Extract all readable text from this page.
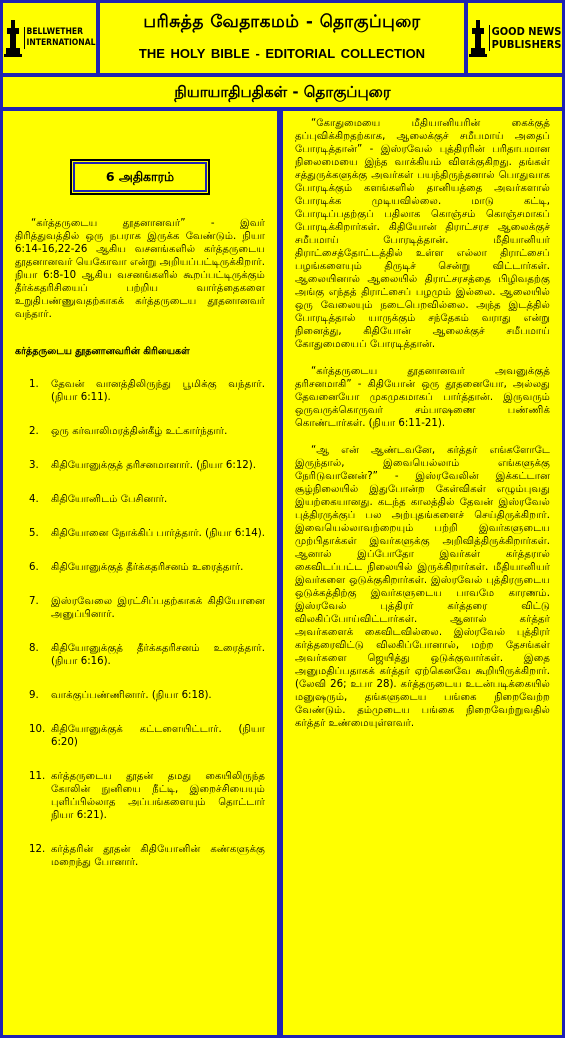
BELLWETHER
INTERNATIONAL
பரிசுத்த வேதாகமம் - தொகுப்புரை
THE HOLY BIBLE - EDITORIAL COLLECTION
GOOD NEWS
PUBLISHERS
நியாயாதிபதிகள் - தொகுப்புரை
6 அதிகாரம்

“கர்த்தருடைய தூதனானவர்” - இவர் திரித்துவத்தில் ஒரு நபராக இருக்க வேண்டும். நியா 6:14-16,22-26 ஆகிய வசனங்களில் கர்த்தருடைய தூதனானவர் யெகோவா என்று அறியப்பட்டிருக்கிறார். நியா 6:8-10 ஆகிய வசனங்களில் கூறப்பட்டிருக்கும் தீர்க்கதரிசியைப் பற்றிய வார்த்தைகளை உறுதிபண்ணுவதற்காகக் கர்த்தருடைய தூதனானவர் வந்தார்.

கர்த்தருடைய தூதனானவரின் கிரியைகள்
1.	தேவன் வானத்திலிருந்து பூமிக்கு வந்தார். (நியா 6:11).
2.	ஒரு கர்வாலிமரத்தின்கீழ் உட்கார்ந்தார்.
3.	கிதியோனுக்குத் தரிசனமானார். (நியா 6:12).
4.	கிதியோனிடம் பேசினார்.
5.	கிதியோனை நோக்கிப் பார்த்தார். (நியா 6:14).
6.	கிதியோனுக்குத் தீர்க்கதரிசனம் உரைத்தார்.
7.	இஸ்ரவேலை இரட்சிப்பதற்காகக் கிதியோனை அனுப்பினார்.
8.	கிதியோனுக்குத் தீர்க்கதரிசனம் உரைத்தார். (நியா 6:16).
9.	வாக்குப்பண்ணினார். (நியா 6:18).
10. கிதியோனுக்குக் கட்டளையிட்டார். (நியா 6:20)
11. கர்த்தருடைய தூதன் தமது கையிலிருந்த கோலின் நுனியை நீட்டி, இறைச்சியையும் புளிப்பில்லாத அப்பங்களையும் தொட்டார் நியா 6:21).
12. கர்த்தரின் தூதன் கிதியோனின் கண்களுக்கு மறைந்து போனார்.

“கோதுமையை மீதியானியரின் கைக்குத் தப்புவிக்கிறதற்காக, ஆலைக்குச் சமீபமாய் அதைப் போரடித்தான்” - இஸ்ரவேல் புத்திரரின் பரிதாபமான நிலைமையை இந்த வாக்கியம் விளக்குகிறது. தங்கள் சத்துருக்களுக்கு அவர்கள் பயந்திருந்தனால் பொதுவாக போரடிக்கும் களங்களில் தானியத்தை அவர்களால் போரடிக்க முடியவில்லை. மாடு கட்டி, போரடிப்பதற்குப் பதிலாக கொஞ்சம் கொஞ்சமாகப் போரடிக்கிறார்கள். கிதியோன் திராட்சரச ஆலைக்குச் சமீபமாய் போரடித்தான். மீதியானியர் திராட்சைத்தோட்டத்தில் உள்ள எல்லா திராட்சைப் பழங்களையும் திருடிச் சென்று விட்டார்கள். ஆலையினால் ஆலையில் திராட்சரசத்தை பிழிவதற்கு அங்கு எந்தத் திராட்சைப் பழமும் இல்லை. ஆலையில் ஒரு வேலையும் நடைபெறவில்லை. அந்த இடத்தில் போரடித்தால் யாருக்கும் சந்தேகம் வராது என்று நினைத்து, கிதியோன் ஆலைக்குச் சமீபமாய் கோதுமையைப் போரடித்தான்.

“கர்த்தருடைய தூதனானவர் அவனுக்குத் தரிசனமாகி” - கிதியோன் ஒரு தூதனையோ, அல்லது தேவனையோ முகமுகமாகப் பார்த்தான். இருவரும் ஒருவருக்கொருவர் சம்பாஷணை பண்ணிக் கொண்டார்கள். (நியா 6:11-21).

“ஆ என் ஆண்டவனே, கர்த்தர் எங்களோடே இருந்தால், இவையெல்லாம் எங்களுக்கு நேரிடுவானேன்?” - இஸ்ரவேலின் இக்கட்டான சூழ்நிலையில் இதுபோன்ற கேள்விகள் எழும்புவது இயற்கையானது. கடந்த காலத்தில் தேவன் இஸ்ரவேல் புத்திரருக்குப் பல அற்புதங்களைச் செய்திருக்கிறார். இவையெல்லாவற்றையும் பற்றி இவர்களுடைய முற்பிதாக்கள் இவர்களுக்கு அறிவித்திருக்கிறார்கள். ஆனால் இப்போதோ இவர்கள் கர்த்தரால் கைவிடப்பட்ட நிலையில் இருக்கிறார்கள். மீதியானியர் இவர்களை ஒடுக்குகிறார்கள். இஸ்ரவேல் புத்திரருடைய ஒடுக்கத்திற்கு இவர்களுடைய பாவமே காரணம். இஸ்ரவேல் புத்திரர் கர்த்தரை விட்டு விலகிப்போய்விட்டார்கள். ஆனால் கர்த்தர் அவர்களைக் கைவிடவில்லை. இஸ்ரவேல் புத்திரர் கர்த்தரைவிட்டு விலகிப்போனால், மற்ற தேசங்கள் அவர்களை ஜெயித்து ஒடுக்குவார்கள். இதை அனுமதிப்பதாகக் கர்த்தர் ஏற்கெனவே கூறியிருக்கிறார். (லேவி 26; உபா 28). கர்த்தருடைய உடன்படிக்கையில் மனுஷரும், தங்களுடைய பங்கை நிறைவேற்ற வேண்டும். தம்முடைய பங்கை நிறைவேற்றுவதில் கர்த்தர் உண்மையுள்ளவர்.
